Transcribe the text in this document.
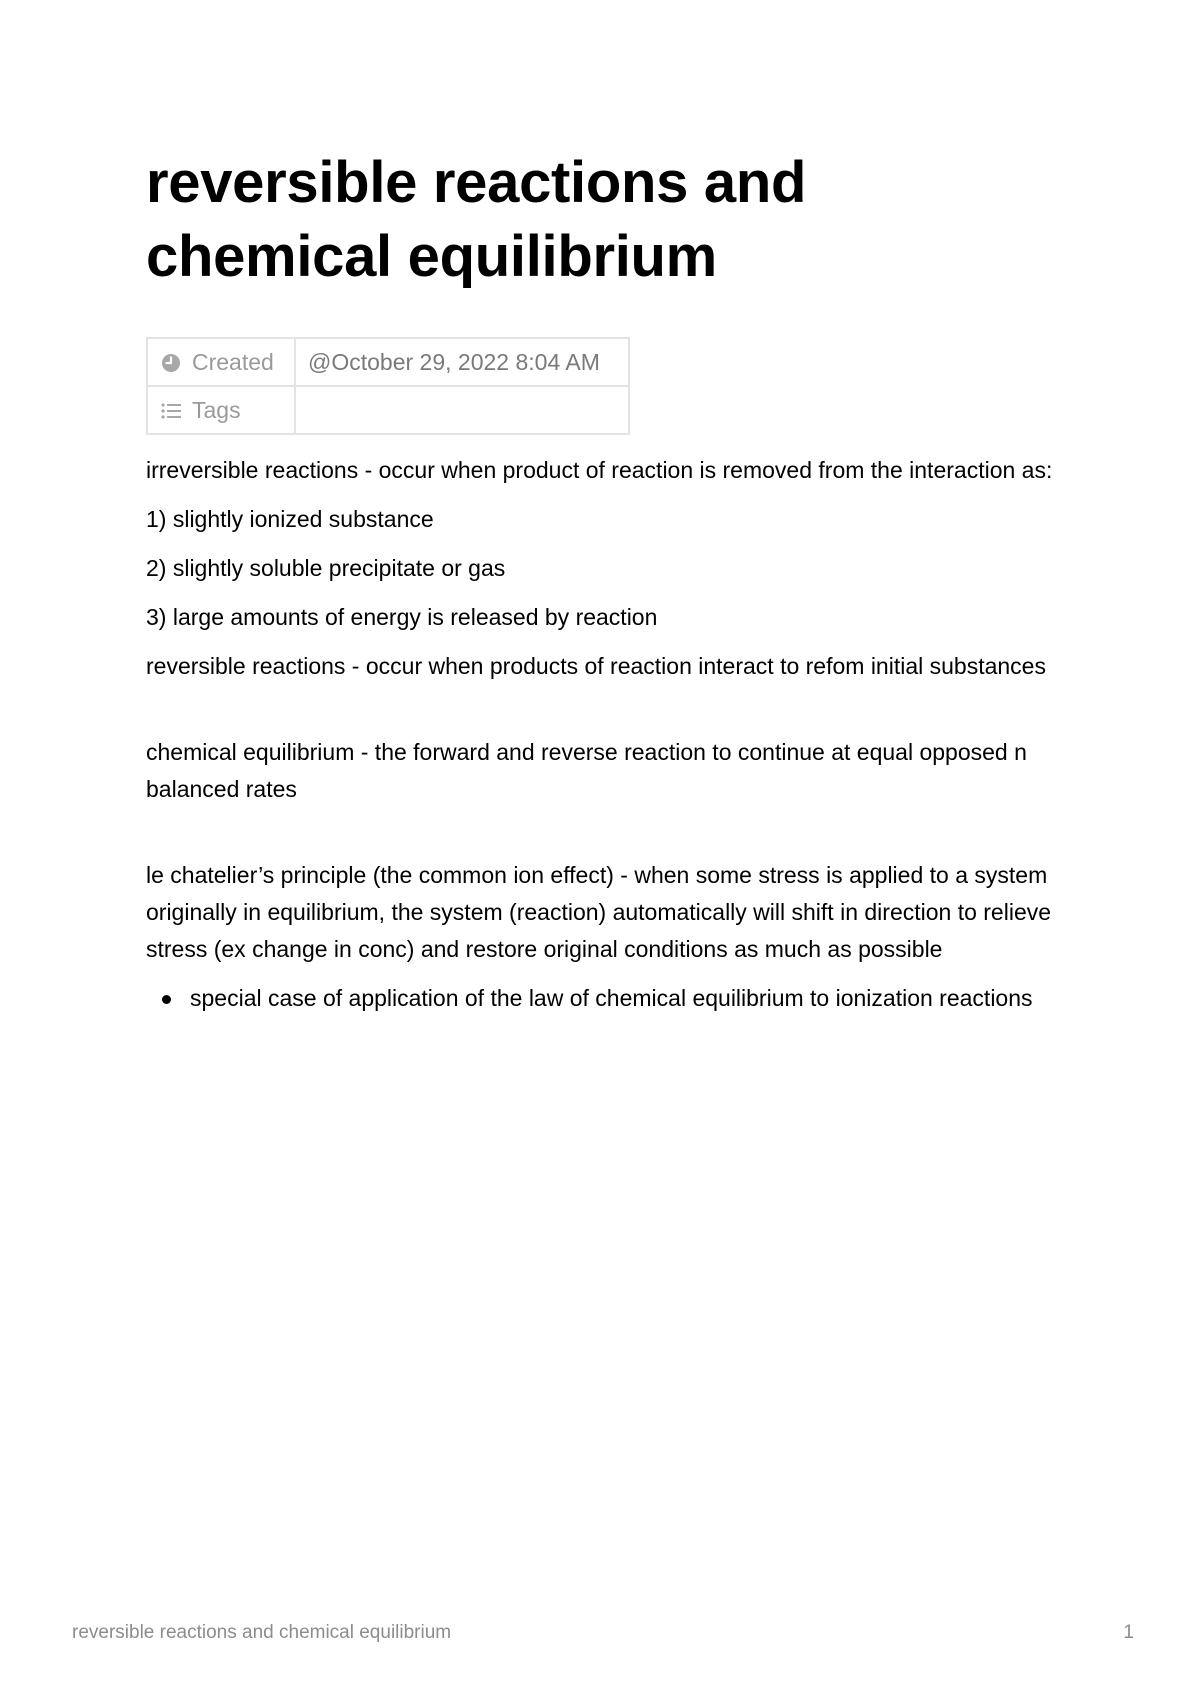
reversible reactions and chemical equilibrium
Created	@October 29, 2022 8:04 AM
Tags	

irreversible reactions - occur when product of reaction is removed from the interaction as:

1) slightly ionized substance

2) slightly soluble precipitate or gas

3) large amounts of energy is released by reaction

reversible reactions - occur when products of reaction interact to refom initial substances

chemical equilibrium - the forward and reverse reaction to continue at equal opposed n balanced rates

le chatelier’s principle (the common ion effect) - when some stress is applied to a system originally in equilibrium, the system (reaction) automatically will shift in direction to relieve stress (ex change in conc) and restore original conditions as much as possible

special case of application of the law of chemical equilibrium to ionization reactions
reversible reactions and chemical equilibrium	1
